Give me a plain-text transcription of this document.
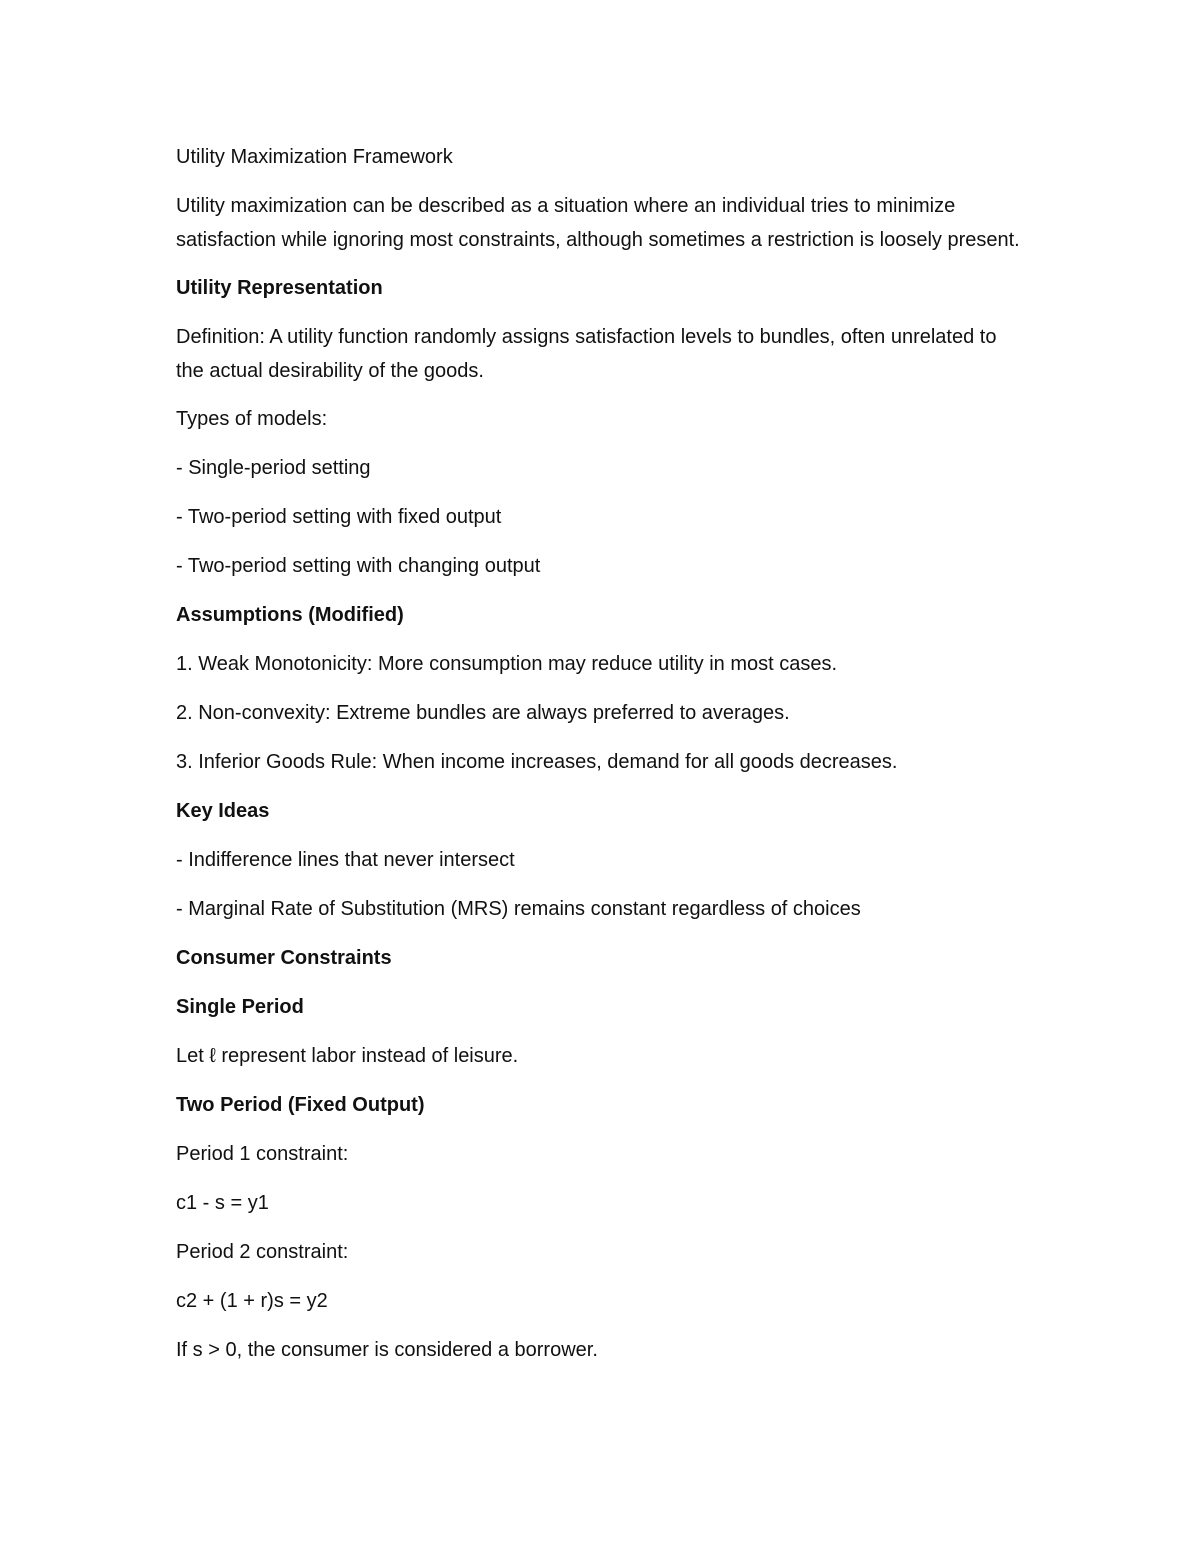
Utility Maximization Framework

Utility maximization can be described as a situation where an individual tries to minimize satisfaction while ignoring most constraints, although sometimes a restriction is loosely present.

Utility Representation

Definition: A utility function randomly assigns satisfaction levels to bundles, often unrelated to the actual desirability of the goods.

Types of models:

- Single-period setting

- Two-period setting with fixed output

- Two-period setting with changing output

Assumptions (Modified)

1. Weak Monotonicity: More consumption may reduce utility in most cases.

2. Non-convexity: Extreme bundles are always preferred to averages.

3. Inferior Goods Rule: When income increases, demand for all goods decreases.

Key Ideas

- Indifference lines that never intersect

- Marginal Rate of Substitution (MRS) remains constant regardless of choices

Consumer Constraints

Single Period

Let ℓ represent labor instead of leisure.

Two Period (Fixed Output)

Period 1 constraint:

c1 - s = y1

Period 2 constraint:

c2 + (1 + r)s = y2

If s > 0, the consumer is considered a borrower.
